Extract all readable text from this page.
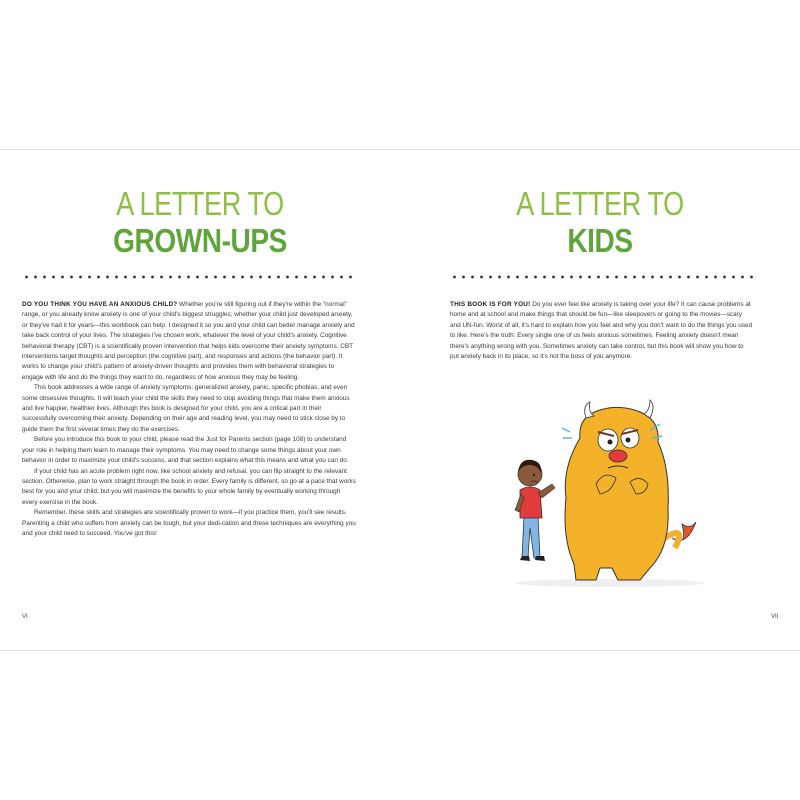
A LETTER TO
GROWN-UPS

DO YOU THINK YOU HAVE AN ANXIOUS CHILD? Whether you're still figuring out if they're within the “normal” range, or you already know anxiety is one of your child's biggest struggles; whether your child just developed anxiety, or they've had it for years—this workbook can help. I designed it so you and your child can better manage anxiety and take back control of your lives. The strategies I've chosen work, whatever the level of your child's anxiety. Cognitive behavioral therapy (CBT) is a scientifically proven intervention that helps kids overcome their anxiety symptoms. CBT interventions target thoughts and perception (the cognitive part), and responses and actions (the behavior part). It works to change your child's pattern of anxiety-driven thoughts and provides them with behavioral strategies to engage with life and do the things they want to do, regardless of how anxious they may be feeling.

This book addresses a wide range of anxiety symptoms: generalized anxiety, panic, specific phobias, and even some obsessive thoughts. It will teach your child the skills they need to stop avoiding things that make them anxious and live happier, healthier lives. Although this book is designed for your child, you are a critical part in their successfully overcoming their anxiety. Depending on their age and reading level, you may need to stick close by to guide them the first several times they do the exercises.

Before you introduce this book to your child, please read the Just for Parents section (page 108) to understand your role in helping them learn to manage their symptoms. You may need to change some things about your own behavior in order to maximize your child's success, and that section explains what this means and what you can do.

If your child has an acute problem right now, like school anxiety and refusal, you can flip straight to the relevant section. Otherwise, plan to work straight through the book in order. Every family is different, so go at a pace that works best for you and your child, but you will maximize the benefits to your whole family by eventually working through every exercise in the book.

Remember, these skills and strategies are scientifically proven to work—if you practice them, you'll see results. Parenting a child who suffers from anxiety can be tough, but your dedi-cation and these techniques are everything you and your child need to succeed. You've got this!

VI
A LETTER TO
KIDS

THIS BOOK IS FOR YOU! Do you ever feel like anxiety is taking over your life? It can cause problems at home and at school and make things that should be fun—like sleepovers or going to the movies—scary and UN-fun. Worst of all, it's hard to explain how you feel and why you don't want to do the things you used to like. Here's the truth: Every single one of us feels anxious sometimes. Feeling anxiety doesn't mean there's anything wrong with you. Sometimes anxiety can take control, but this book will show you how to put anxiety back in its place, so it's not the boss of you anymore.

VII
